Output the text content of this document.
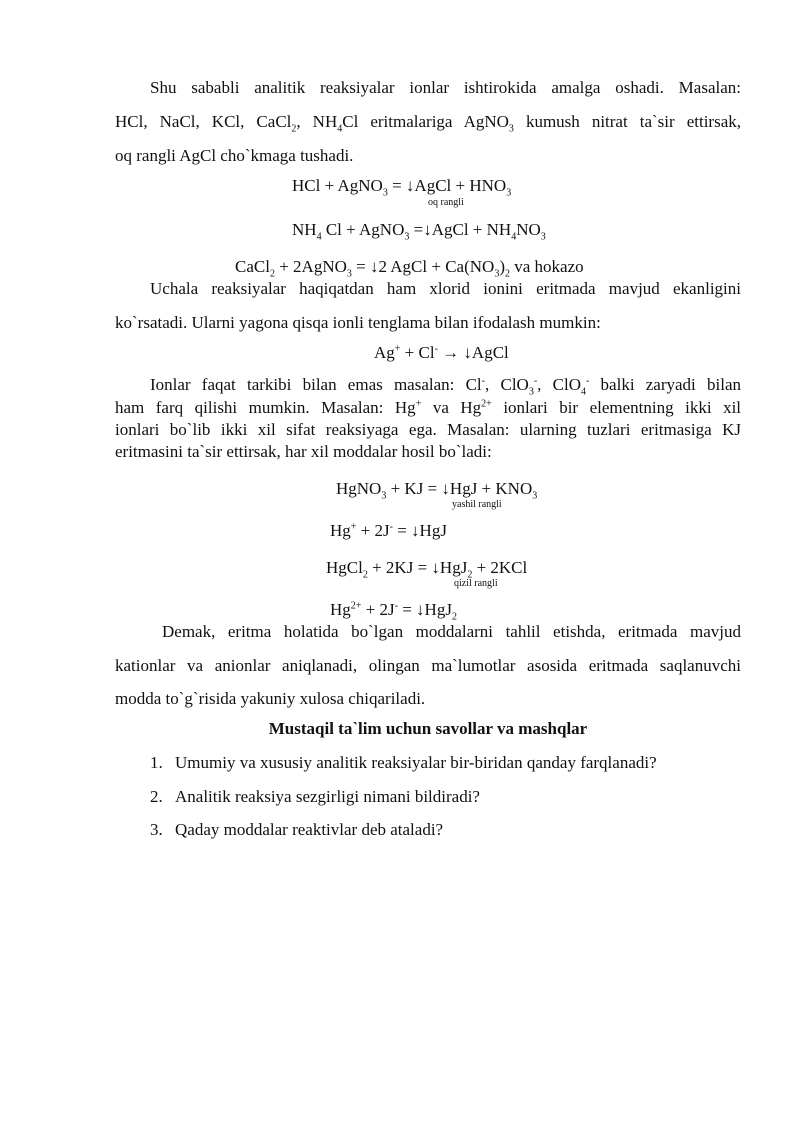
Shu sababli analitik reaksiyalar ionlar ishtirokida amalga oshadi. Masalan:
HCl, NaCl, KCl, CaCl$_2$, $NH_4Cl$ eritmalariga AgNO$_3$ kumush nitrat ta`sir ettirsak,
oq rangli AgCl cho`kmaga tushadi.
HCl + AgNO$_3$ = ↓AgCl + $HNO_3$
oq rangli
$NH_4$ Cl + AgNO$_3$ =↓AgCl + $NH_4NO_3$
CaCl$_2$ + 2AgNO$_3$ = ↓2 AgCl + $Ca(NO_3)_2$ va hokazo
Uchala reaksiyalar haqiqatdan ham xlorid ionini eritmada mavjud ekanligini
ko`rsatadi. Ularni yagona qisqa ionli tenglama bilan ifodalash mumkin:
Ag+ + Cl- → ↓AgCl
Ionlar faqat tarkibi bilan emas masalan: Cl-, ClO$_3$-, ClO$_4$- balki zaryadi bilan
ham farq qilishi mumkin. Masalan: Hg+ va $Hg^{2+}$ ionlari bir elementning ikki xil
ionlari bo`lib ikki xil sifat reaksiyaga ega. Masalan: ularning tuzlari eritmasiga KJ
eritmasini ta`sir ettirsak, har xil moddalar hosil bo`ladi:
HgNO$_3$ + KJ = ↓HgJ + $KNO_3$
yashil rangli
Hg+ + 2J- = ↓HgJ
HgCl$_2$ + 2KJ = ↓HgJ$_2$ + 2KCl
qizil rangli
$Hg^{2+} + 2J^-$ = ↓HgJ$_2$
Demak, eritma holatida bo`lgan moddalarni tahlil etishda, eritmada mavjud
kationlar va anionlar aniqlanadi, olingan ma`lumotlar asosida eritmada saqlanuvchi
modda to`g`risida yakuniy xulosa chiqariladi.
Mustaqil ta`lim uchun savollar va mashqlar
1. Umumiy va xususiy analitik reaksiyalar bir-biridan qanday farqlanadi?
2. Analitik reaksiya sezgirligi nimani bildiradi?
3. Qaday moddalar reaktivlar deb ataladi?
